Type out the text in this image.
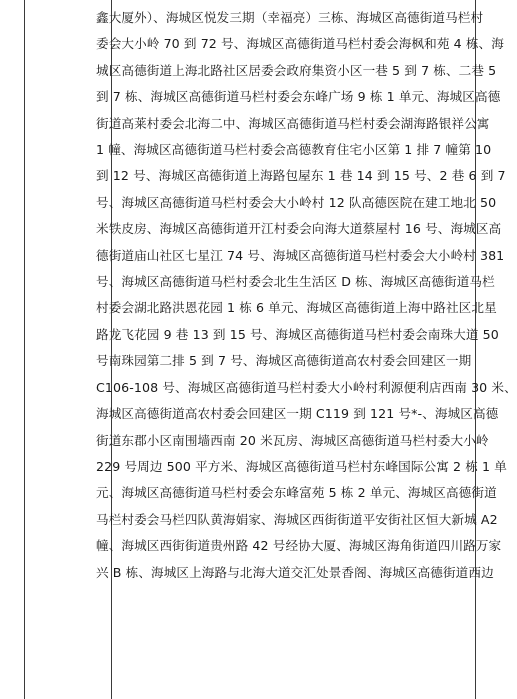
鑫大厦外）、海城区悦发三期（幸福亮）三栋、海城区高德街道马栏村
委会大小岭 70 到 72 号、海城区高德街道马栏村委会海枫和苑 4 栋、海
城区高德街道上海北路社区居委会政府集资小区一巷 5 到 7 栋、二巷 5
到 7 栋、海城区高德街道马栏村委会东峰广场 9 栋 1 单元、海城区高德
街道高莱村委会北海二中、海城区高德街道马栏村委会湖海路银祥公寓
1 幢、海城区高德街道马栏村委会高德教育住宅小区第 1 排 7 幢第 10
到 12 号、海城区高德街道上海路包屋东 1 巷 14 到 15 号、2 巷 6 到 7
号、海城区高德街道马栏村委会大小岭村 12 队高德医院在建工地北 50
米铁皮房、海城区高德街道开江村委会向海大道蔡屋村 16 号、海城区高
德街道庙山社区七星江 74 号、海城区高德街道马栏村委会大小岭村 381
号、海城区高德街道马栏村委会北生生活区 D 栋、海城区高德街道马栏
村委会湖北路洪恩花园 1 栋 6 单元、海城区高德街道上海中路社区北星
路龙飞花园 9 巷 13 到 15 号、海城区高德街道马栏村委会南珠大道 50
号南珠园第二排 5 到 7 号、海城区高德街道高农村委会回建区一期
C106-108 号、海城区高德街道马栏村委大小岭村利源便利店西南 30 米、
海城区高德街道高农村委会回建区一期 C119 到 121 号*-、海城区高德
街道东郡小区南围墙西南 20 米瓦房、海城区高德街道马栏村委大小岭
229 号周边 500 平方米、海城区高德街道马栏村东峰国际公寓 2 栋 1 单
元、海城区高德街道马栏村委会东峰富苑 5 栋 2 单元、海城区高德街道
马栏村委会马栏四队黄海娟家、海城区西街街道平安街社区恒大新城 A2
幢、海城区西街街道贵州路 42 号经协大厦、海城区海角街道四川路万家
兴 B 栋、海城区上海路与北海大道交汇处景香阁、海城区高德街道西边
